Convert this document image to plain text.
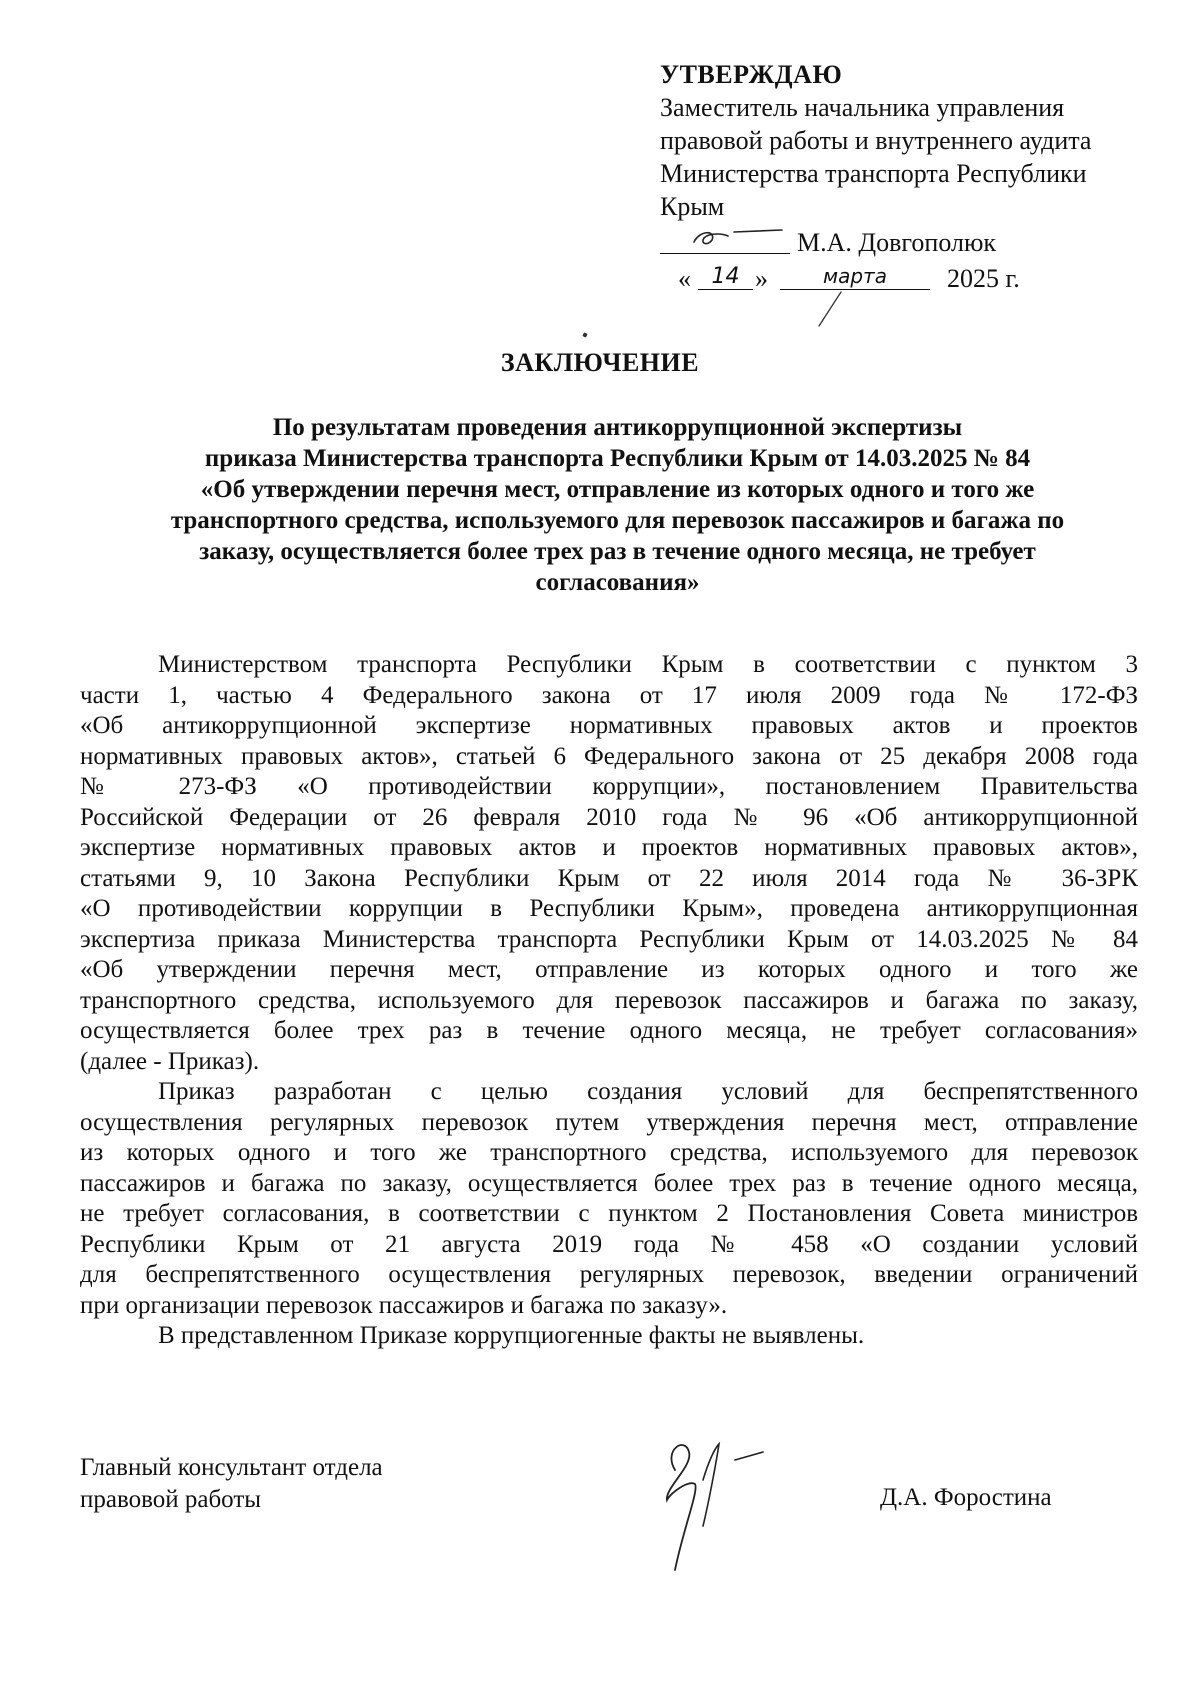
УТВЕРЖДАЮ
Заместитель начальника управления
правовой работы и внутреннего аудита
Министерства транспорта Республики
Крым
М.А. Довгополюк
« 14 »	марта	2025 г.
ЗАКЛЮЧЕНИЕ
По результатам проведения антикоррупционной экспертизы
приказа Министерства транспорта Республики Крым от 14.03.2025 № 84
«Об утверждении перечня мест, отправление из которых одного и того же
транспортного средства, используемого для перевозок пассажиров и багажа по
заказу, осуществляется более трех раз в течение одного месяца, не требует
согласования»
Министерством транспорта Республики Крым в соответствии с пунктом 3
части 1, частью 4 Федерального закона от 17 июля 2009 года № 172-ФЗ
«Об антикоррупционной экспертизе нормативных правовых актов и проектов
нормативных правовых актов», статьей 6 Федерального закона от 25 декабря 2008 года
№ 273-ФЗ «О противодействии коррупции», постановлением Правительства
Российской Федерации от 26 февраля 2010 года № 96 «Об антикоррупционной
экспертизе нормативных правовых актов и проектов нормативных правовых актов»,
статьями 9, 10 Закона Республики Крым от 22 июля 2014 года № 36-ЗРК
«О противодействии коррупции в Республики Крым», проведена антикоррупционная
экспертиза приказа Министерства транспорта Республики Крым от 14.03.2025 № 84
«Об утверждении перечня мест, отправление из которых одного и того же
транспортного средства, используемого для перевозок пассажиров и багажа по заказу,
осуществляется более трех раз в течение одного месяца, не требует согласования»
(далее - Приказ).
Приказ разработан с целью создания условий для беспрепятственного
осуществления регулярных перевозок путем утверждения перечня мест, отправление
из которых одного и того же транспортного средства, используемого для перевозок
пассажиров и багажа по заказу, осуществляется более трех раз в течение одного месяца,
не требует согласования, в соответствии с пунктом 2 Постановления Совета министров
Республики Крым от 21 августа 2019 года № 458 «О создании условий
для беспрепятственного осуществления регулярных перевозок, введении ограничений
при организации перевозок пассажиров и багажа по заказу».
В представленном Приказе коррупциогенные факты не выявлены.
Главный консультант отдела
правовой работы	Д.А. Форостина
